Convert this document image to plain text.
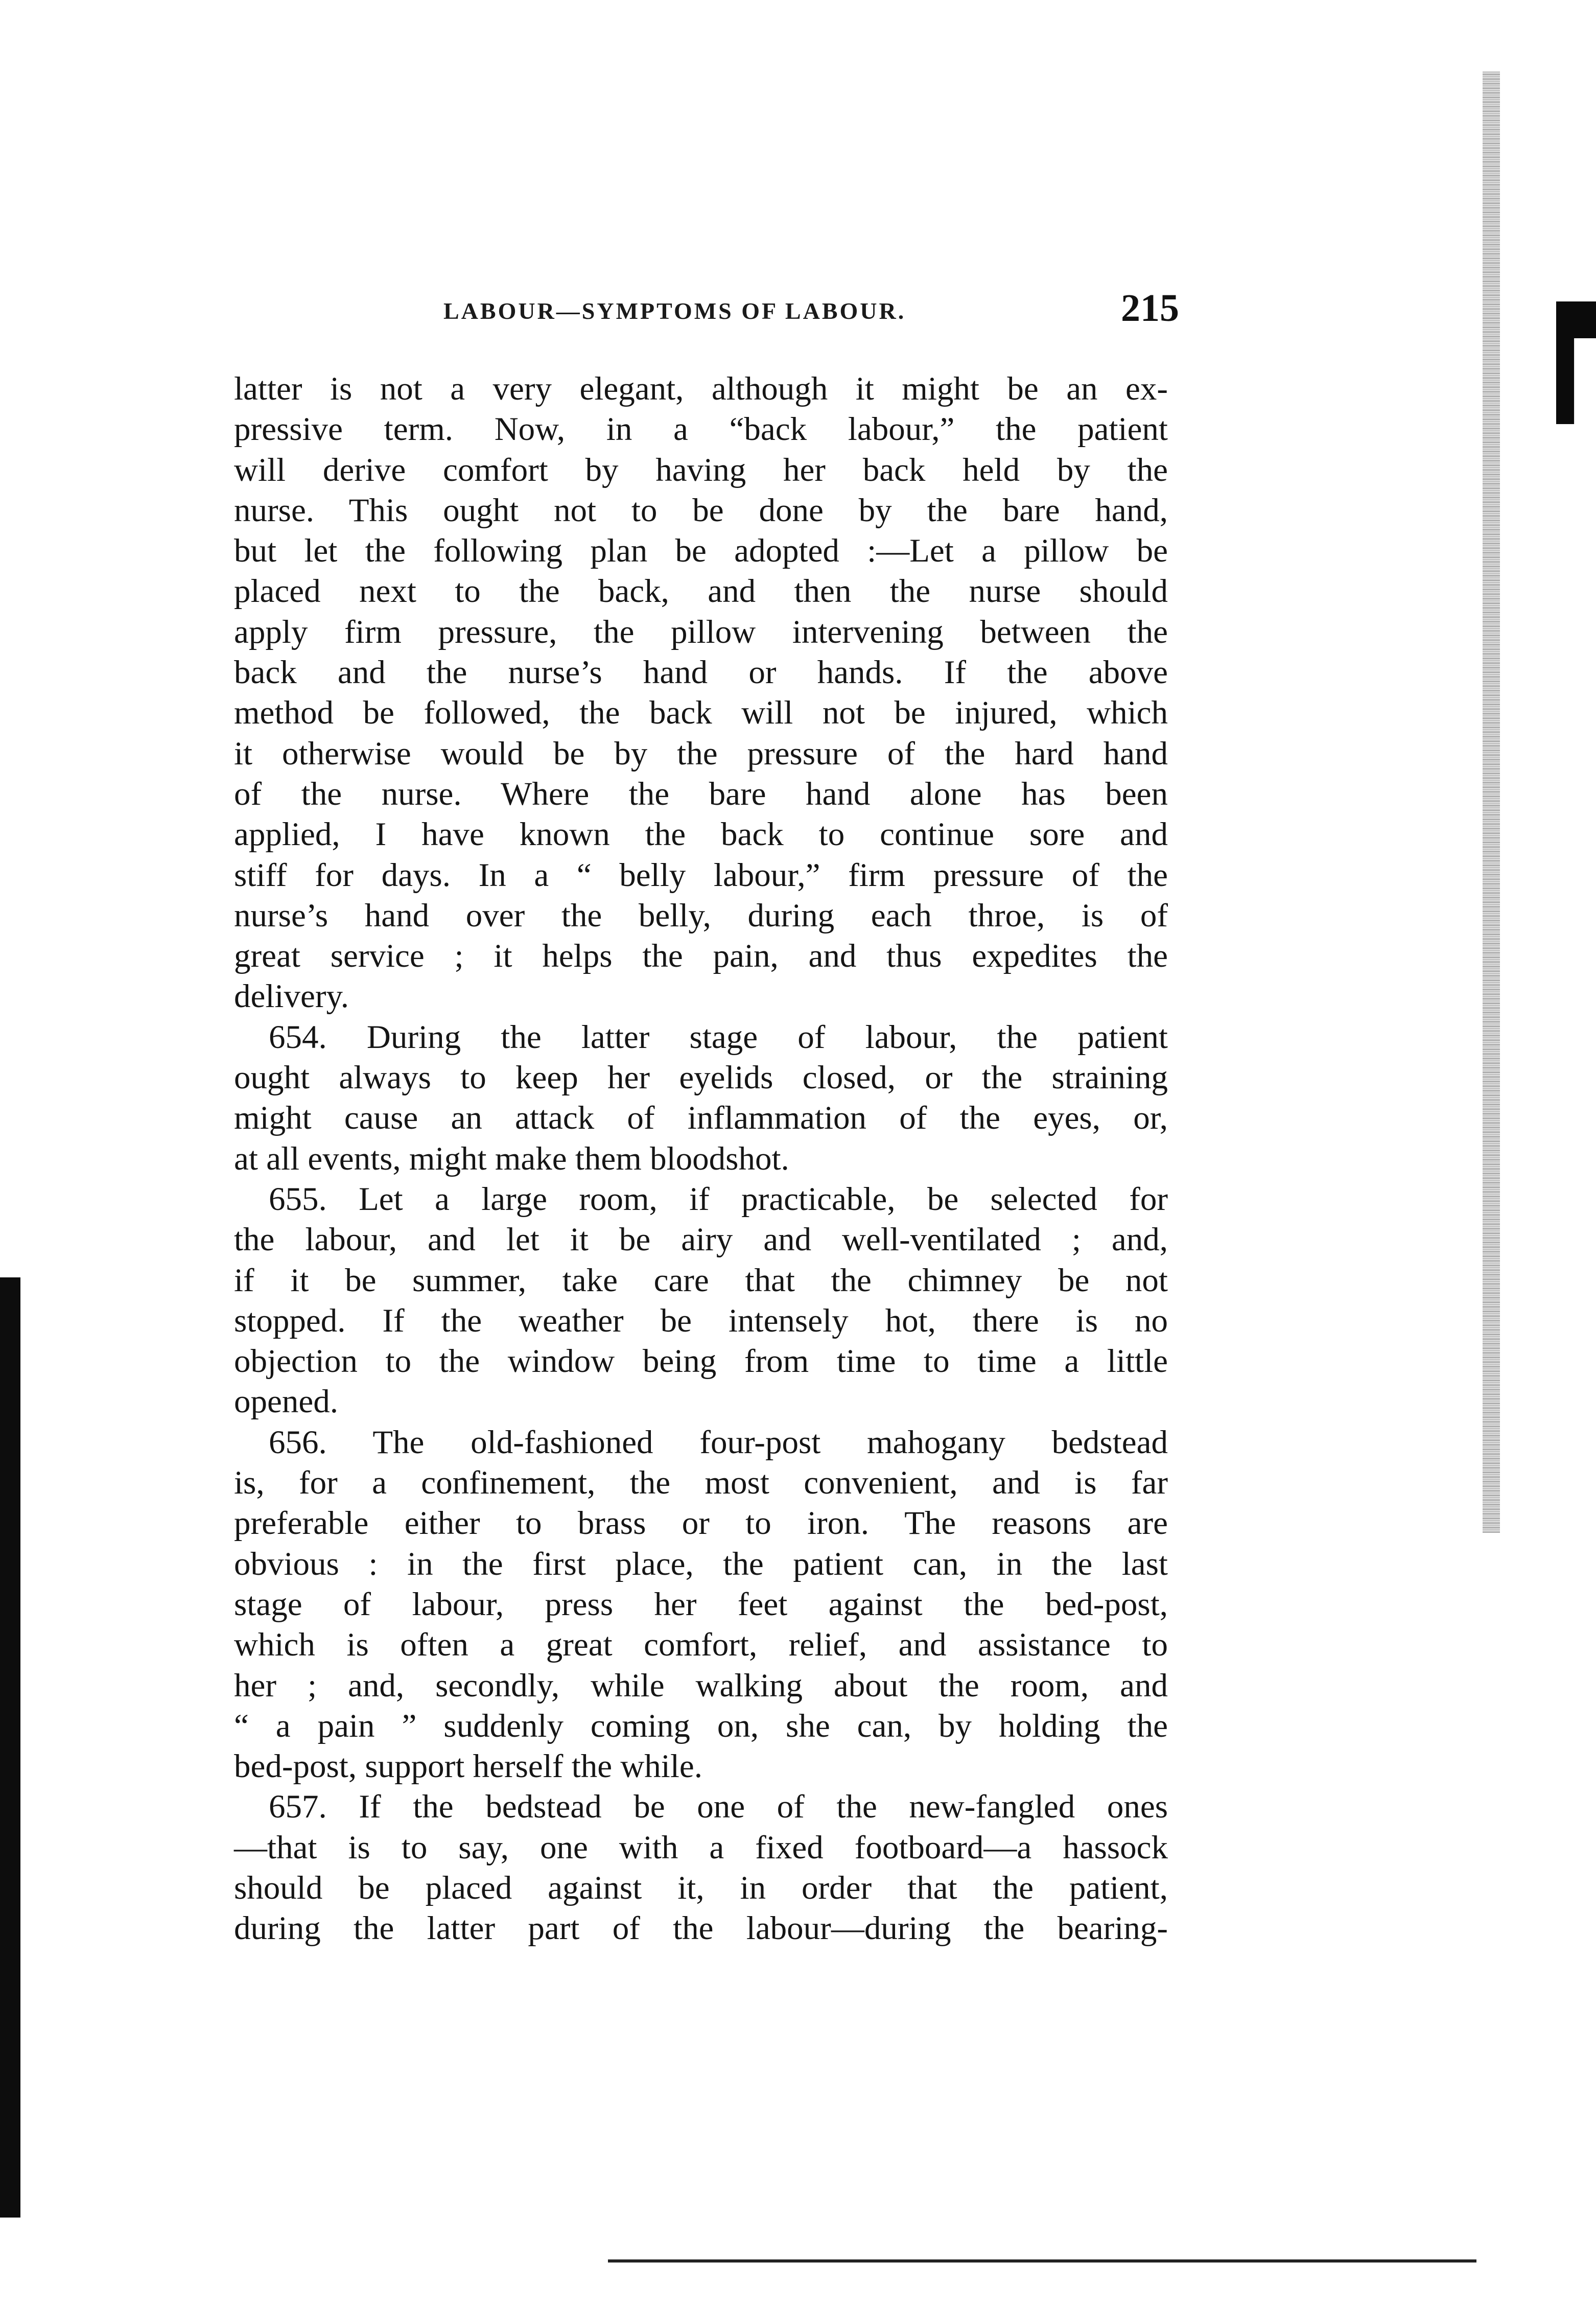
LABOUR—SYMPTOMS OF LABOUR.	215
latter is not a very elegant, although it might be an ex-
pressive term. Now, in a “back labour,” the patient
will derive comfort by having her back held by the
nurse. This ought not to be done by the bare hand,
but let the following plan be adopted :—Let a pillow be
placed next to the back, and then the nurse should
apply firm pressure, the pillow intervening between the
back and the nurse’s hand or hands. If the above
method be followed, the back will not be injured, which
it otherwise would be by the pressure of the hard hand
of the nurse. Where the bare hand alone has been
applied, I have known the back to continue sore and
stiff for days. In a “ belly labour,” firm pressure of the
nurse’s hand over the belly, during each throe, is of
great service ; it helps the pain, and thus expedites the
delivery.
654. During the latter stage of labour, the patient
ought always to keep her eyelids closed, or the straining
might cause an attack of inflammation of the eyes, or,
at all events, might make them bloodshot.
655. Let a large room, if practicable, be selected for
the labour, and let it be airy and well-ventilated ; and,
if it be summer, take care that the chimney be not
stopped. If the weather be intensely hot, there is no
objection to the window being from time to time a little
opened.
656. The old-fashioned four-post mahogany bedstead
is, for a confinement, the most convenient, and is far
preferable either to brass or to iron. The reasons are
obvious : in the first place, the patient can, in the last
stage of labour, press her feet against the bed-post,
which is often a great comfort, relief, and assistance to
her ; and, secondly, while walking about the room, and
“ a pain ” suddenly coming on, she can, by holding the
bed-post, support herself the while.
657. If the bedstead be one of the new-fangled ones
—that is to say, one with a fixed footboard—a hassock
should be placed against it, in order that the patient,
during the latter part of the labour—during the bearing-
